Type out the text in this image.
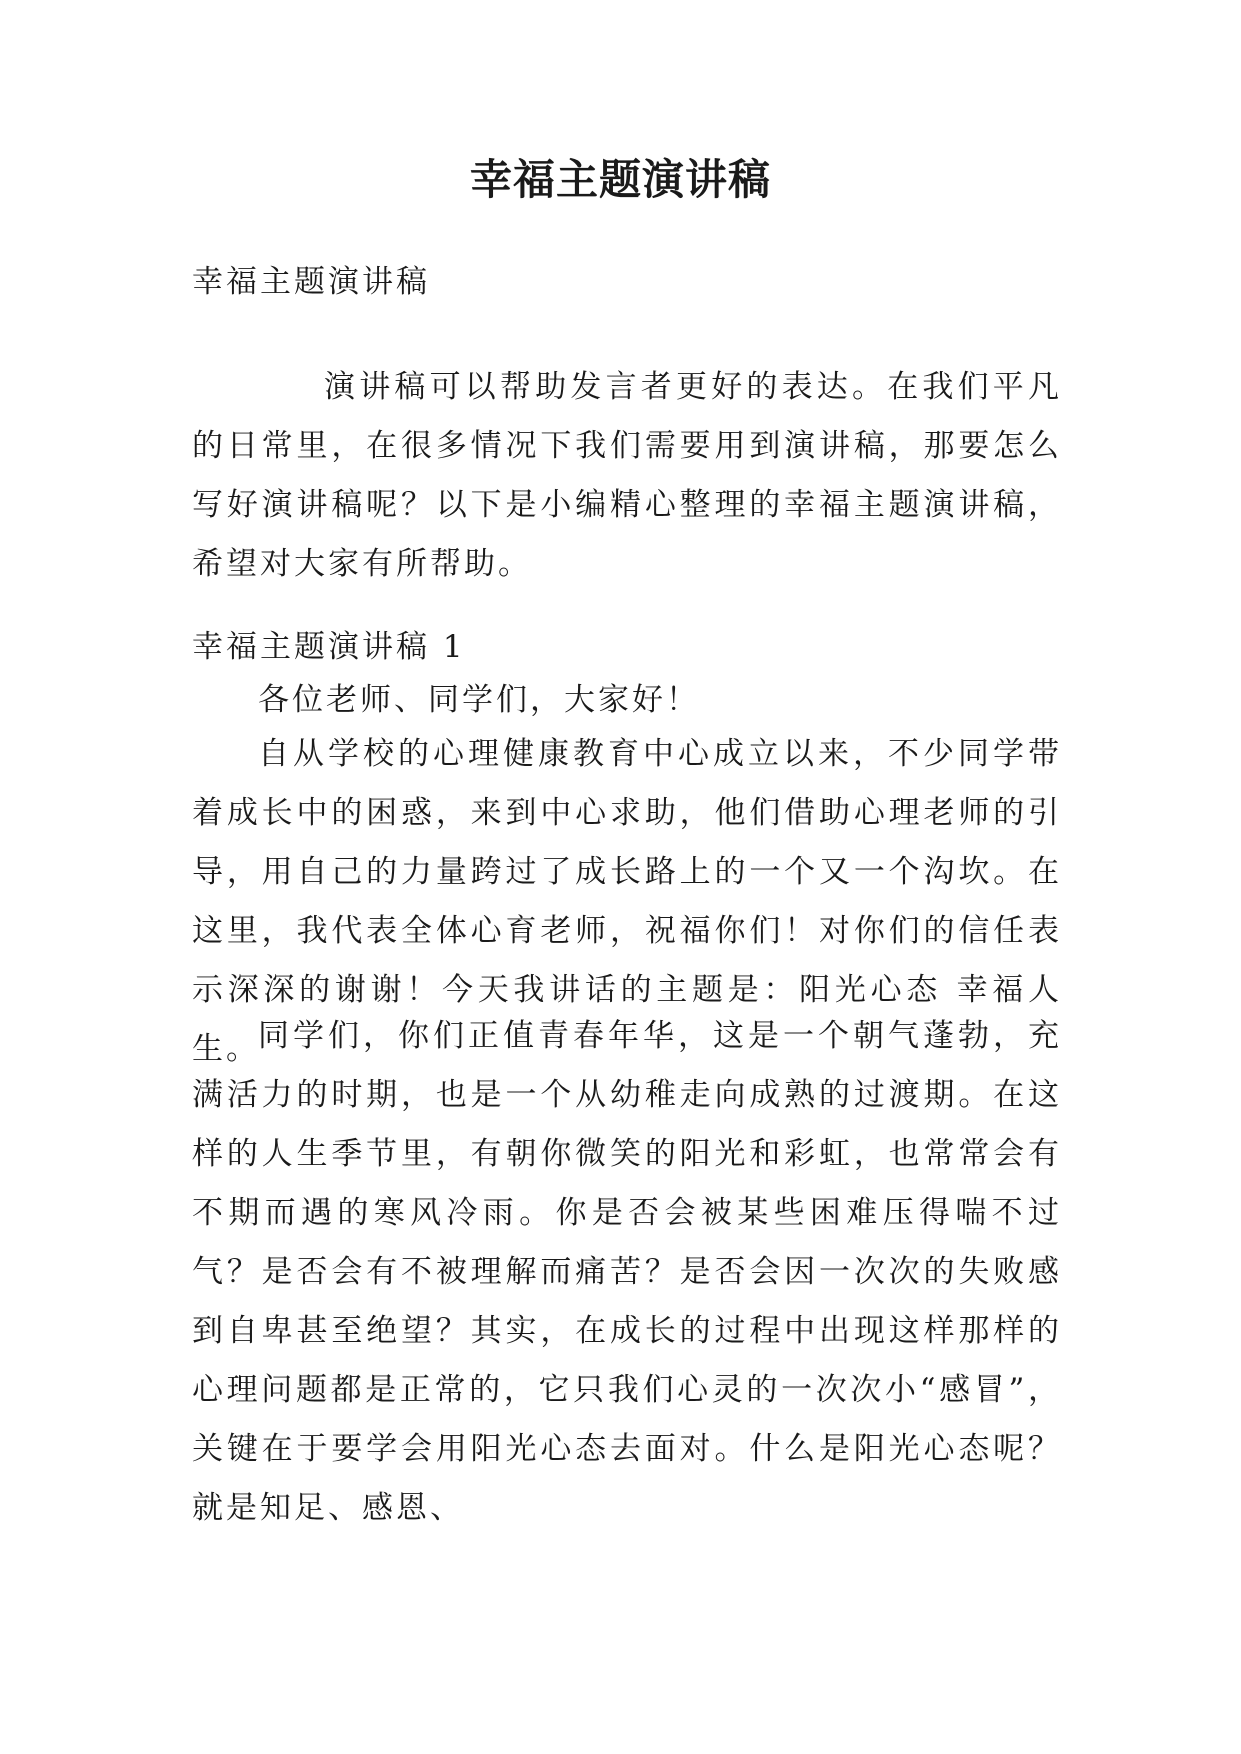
幸福主题演讲稿

幸福主题演讲稿

演讲稿可以帮助发言者更好的表达。在我们平凡的日常里，在很多情况下我们需要用到演讲稿，那要怎么写好演讲稿呢？以下是小编精心整理的幸福主题演讲稿，希望对大家有所帮助。

幸福主题演讲稿 1

各位老师、同学们，大家好！

自从学校的心理健康教育中心成立以来，不少同学带着成长中的困惑，来到中心求助，他们借助心理老师的引导，用自己的力量跨过了成长路上的一个又一个沟坎。在这里，我代表全体心育老师，祝福你们！对你们的信任表示深深的谢谢！今天我讲话的主题是：阳光心态 幸福人生。

同学们，你们正值青春年华，这是一个朝气蓬勃，充满活力的时期，也是一个从幼稚走向成熟的过渡期。在这样的人生季节里，有朝你微笑的阳光和彩虹，也常常会有不期而遇的寒风冷雨。你是否会被某些困难压得喘不过气？是否会有不被理解而痛苦？是否会因一次次的失败感到自卑甚至绝望？其实，在成长的过程中出现这样那样的心理问题都是正常的，它只我们心灵的一次次小“感冒”，关键在于要学会用阳光心态去面对。什么是阳光心态呢？就是知足、感恩、
